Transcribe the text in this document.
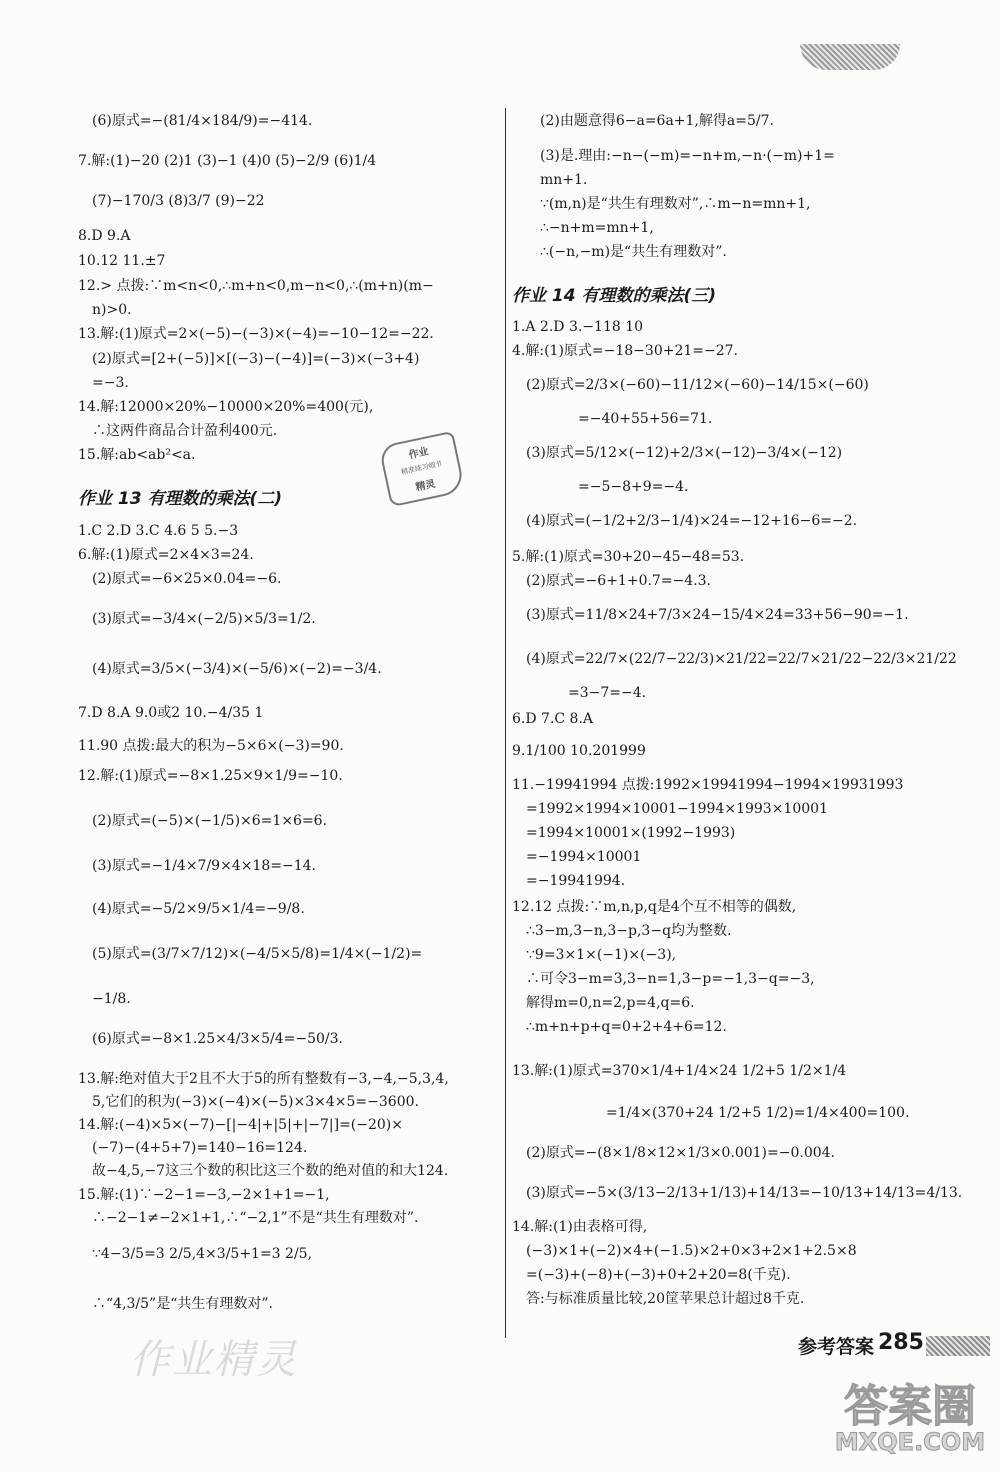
(6)原式=−(81/4×184/9)=−414.
7.解:(1)−20 (2)1 (3)−1 (4)0 (5)−2/9 (6)1/4
(7)−170/3 (8)3/7 (9)−22
8.D 9.A
10.12 11.±7
12.> 点拨:∵m<n<0,∴m+n<0,m−n<0,∴(m+n)(m−
n)>0.
13.解:(1)原式=2×(−5)−(−3)×(−4)=−10−12=−22.
(2)原式=[2+(−5)]×[(−3)−(−4)]=(−3)×(−3+4)
=−3.
14.解:12000×20%−10000×20%=400(元),
∴这两件商品合计盈利400元.
15.解:ab<ab²<a.	作业
精准练习细节
精灵
作业 13 有理数的乘法(二)
1.C 2.D 3.C 4.6 5 5.−3
6.解:(1)原式=2×4×3=24.
(2)原式=−6×25×0.04=−6.
(3)原式=−3/4×(−2/5)×5/3=1/2.
(4)原式=3/5×(−3/4)×(−5/6)×(−2)=−3/4.
7.D 8.A 9.0或2 10.−4/35 1
11.90 点拨:最大的积为−5×6×(−3)=90.
12.解:(1)原式=−8×1.25×9×1/9=−10.
(2)原式=(−5)×(−1/5)×6=1×6=6.
(3)原式=−1/4×7/9×4×18=−14.
(4)原式=−5/2×9/5×1/4=−9/8.
(5)原式=(3/7×7/12)×(−4/5×5/8)=1/4×(−1/2)=
−1/8.
(6)原式=−8×1.25×4/3×5/4=−50/3.
13.解:绝对值大于2且不大于5的所有整数有−3,−4,−5,3,4,
5,它们的积为(−3)×(−4)×(−5)×3×4×5=−3600.
14.解:(−4)×5×(−7)−[|−4|+|5|+|−7|]=(−20)×
(−7)−(4+5+7)=140−16=124.
故−4,5,−7这三个数的积比这三个数的绝对值的和大124.
15.解:(1)∵−2−1=−3,−2×1+1=−1,
∴−2−1≠−2×1+1,∴“−2,1”不是“共生有理数对”.
∵4−3/5=3 2/5,4×3/5+1=3 2/5,
∴“4,3/5”是“共生有理数对”.
作业精灵
(2)由题意得6−a=6a+1,解得a=5/7.
(3)是.理由:−n−(−m)=−n+m,−n·(−m)+1=
mn+1.
∵(m,n)是“共生有理数对”,∴m−n=mn+1,
∴−n+m=mn+1,
∴(−n,−m)是“共生有理数对”.
作业 14 有理数的乘法(三)
1.A 2.D 3.−118 10
4.解:(1)原式=−18−30+21=−27.
(2)原式=2/3×(−60)−11/12×(−60)−14/15×(−60)
=−40+55+56=71.
(3)原式=5/12×(−12)+2/3×(−12)−3/4×(−12)
=−5−8+9=−4.
(4)原式=(−1/2+2/3−1/4)×24=−12+16−6=−2.
5.解:(1)原式=30+20−45−48=53.
(2)原式=−6+1+0.7=−4.3.
(3)原式=11/8×24+7/3×24−15/4×24=33+56−90=−1.
(4)原式=22/7×(22/7−22/3)×21/22=22/7×21/22−22/3×21/22
=3−7=−4.
6.D 7.C 8.A
9.1/100 10.201999
11.−19941994 点拨:1992×19941994−1994×19931993
=1992×1994×10001−1994×1993×10001
=1994×10001×(1992−1993)
=−1994×10001
=−19941994.
12.12 点拨:∵m,n,p,q是4个互不相等的偶数,
∴3−m,3−n,3−p,3−q均为整数.
∵9=3×1×(−1)×(−3),
∴可令3−m=3,3−n=1,3−p=−1,3−q=−3,
解得m=0,n=2,p=4,q=6.
∴m+n+p+q=0+2+4+6=12.
13.解:(1)原式=370×1/4+1/4×24 1/2+5 1/2×1/4
=1/4×(370+24 1/2+5 1/2)=1/4×400=100.
(2)原式=−(8×1/8×12×1/3×0.001)=−0.004.
(3)原式=−5×(3/13−2/13+1/13)+14/13=−10/13+14/13=4/13.
14.解:(1)由表格可得,
(−3)×1+(−2)×4+(−1.5)×2+0×3+2×1+2.5×8
=(−3)+(−8)+(−3)+0+2+20=8(千克).
答:与标准质量比较,20筐苹果总计超过8千克.
参考答案 285
答案圈
MXQE.COM
